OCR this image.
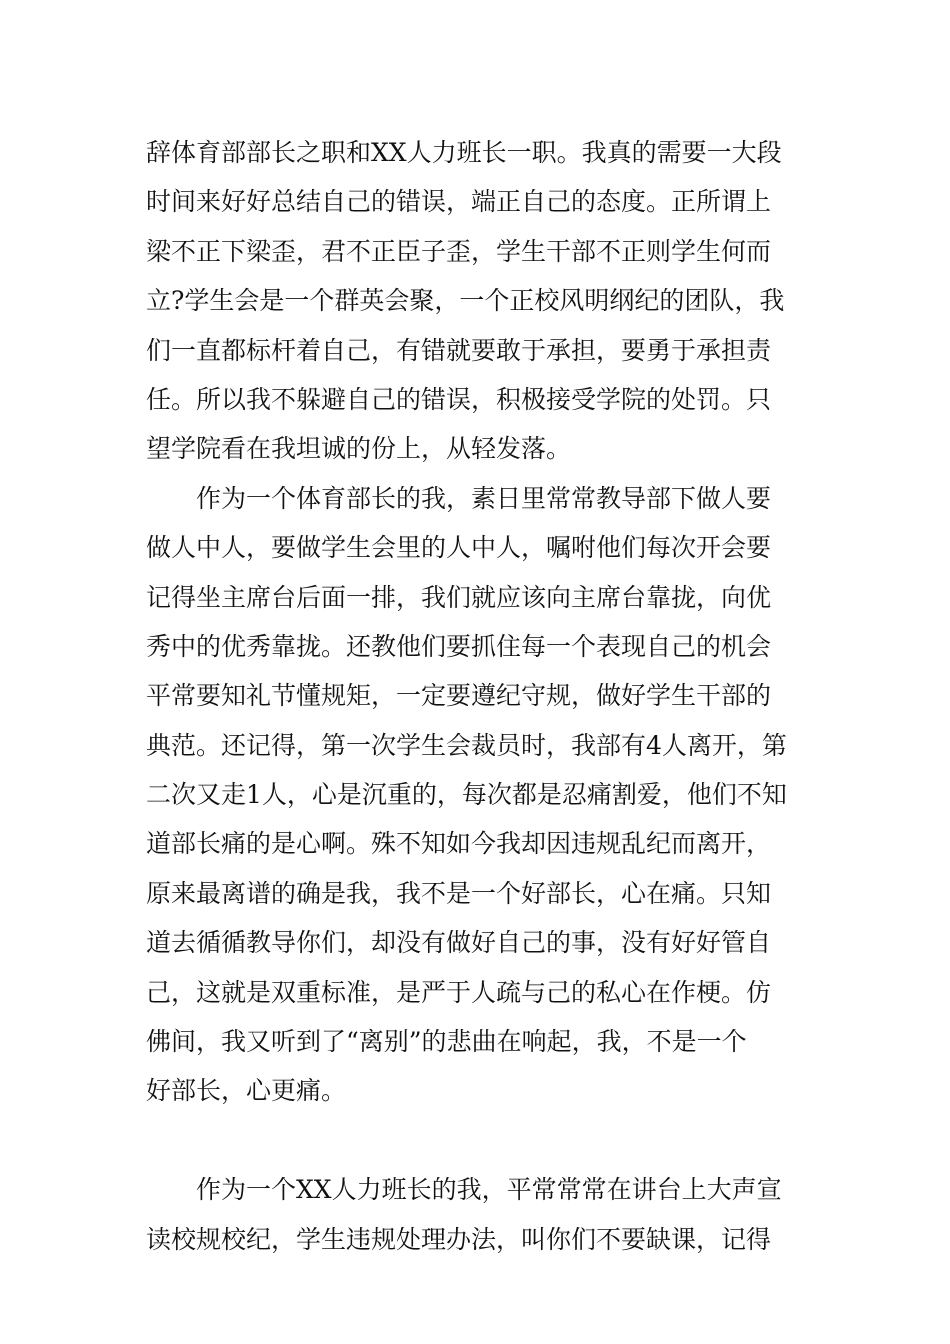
辞体育部部长之职和XX人力班长一职。我真的需要一大段
时间来好好总结自己的错误，端正自己的态度。正所谓上
梁不正下梁歪，君不正臣子歪，学生干部不正则学生何而
立?学生会是一个群英会聚，一个正校风明纲纪的团队，我
们一直都标杆着自己，有错就要敢于承担，要勇于承担责
任。所以我不躲避自己的错误，积极接受学院的处罚。只
望学院看在我坦诚的份上，从轻发落。
作为一个体育部长的我，素日里常常教导部下做人要
做人中人，要做学生会里的人中人，嘱咐他们每次开会要
记得坐主席台后面一排，我们就应该向主席台靠拢，向优
秀中的优秀靠拢。还教他们要抓住每一个表现自己的机会
平常要知礼节懂规矩，一定要遵纪守规，做好学生干部的
典范。还记得，第一次学生会裁员时，我部有4人离开，第
二次又走1人，心是沉重的，每次都是忍痛割爱，他们不知
道部长痛的是心啊。殊不知如今我却因违规乱纪而离开，
原来最离谱的确是我，我不是一个好部长，心在痛。只知
道去循循教导你们，却没有做好自己的事，没有好好管自
己，这就是双重标准，是严于人疏与己的私心在作梗。仿
佛间，我又听到了“离别”的悲曲在响起，我，不是一个
好部长，心更痛。
作为一个XX人力班长的我，平常常常在讲台上大声宣
读校规校纪，学生违规处理办法，叫你们不要缺课，记得
